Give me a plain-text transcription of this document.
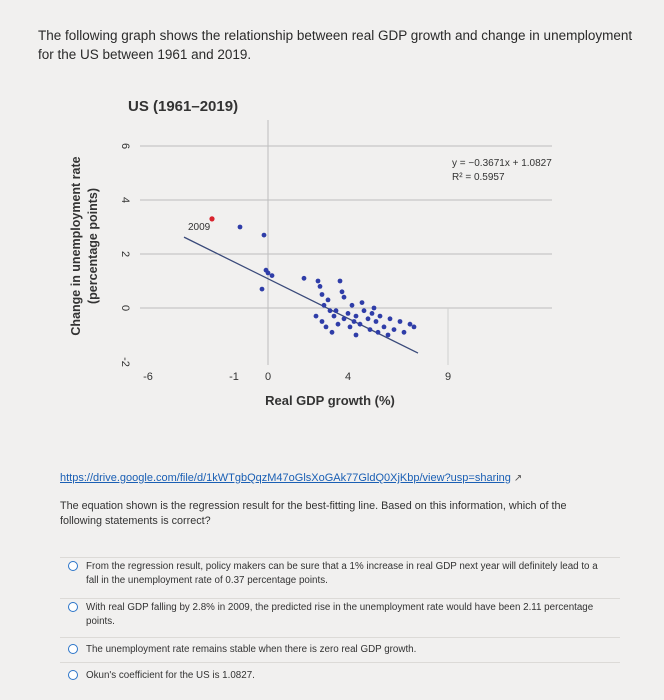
The following graph shows the relationship between real GDP growth and change in unemployment for the US between 1961 and 2019.
US (1961–2019)
6
4
2
0
-2
-6	-1 0	4	9
2009
y = −0.3671x + 1.0827
R² = 0.5957
Real GDP growth (%)
Change in unemployment rate (percentage points)
https://drive.google.com/file/d/1kWTgbQqzM47oGlsXoGAk77GldQ0XjKbp/view?usp=sharing ↗
The equation shown is the regression result for the best-fitting line. Based on this information, which of the following statements is correct?
From the regression result, policy makers can be sure that a 1% increase in real GDP next year will definitely lead to a fall in the unemployment rate of 0.37 percentage points.
With real GDP falling by 2.8% in 2009, the predicted rise in the unemployment rate would have been 2.11 percentage points.
The unemployment rate remains stable when there is zero real GDP growth.
Okun's coefficient for the US is 1.0827.
